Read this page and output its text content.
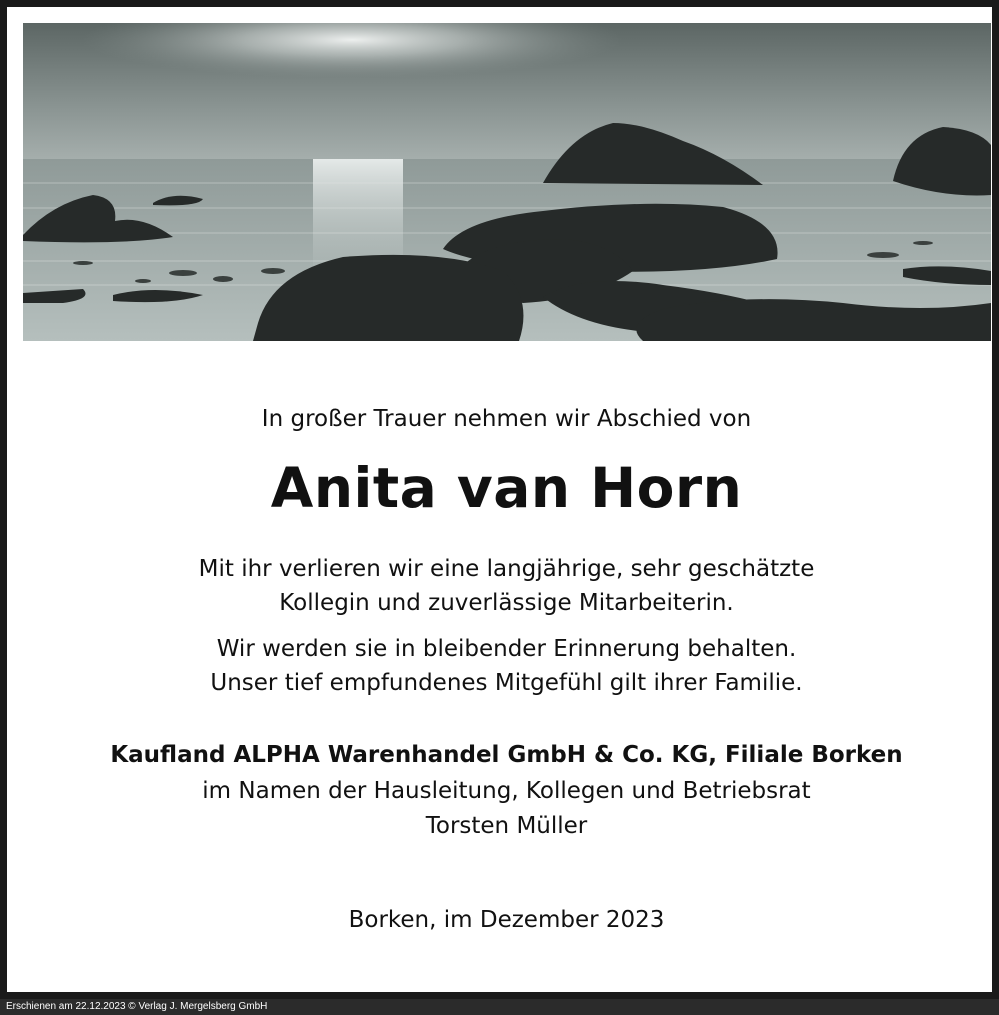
In großer Trauer nehmen wir Abschied von

Anita van Horn

Mit ihr verlieren wir eine langjährige, sehr geschätzte
Kollegin und zuverlässige Mitarbeiterin.

Wir werden sie in bleibender Erinnerung behalten.
Unser tief empfundenes Mitgefühl gilt ihrer Familie.

Kaufland ALPHA Warenhandel GmbH & Co. KG, Filiale Borken

im Namen der Hausleitung, Kollegen und Betriebsrat

Torsten Müller

Borken, im Dezember 2023

Erschienen am 22.12.2023 © Verlag J. Mergelsberg GmbH
